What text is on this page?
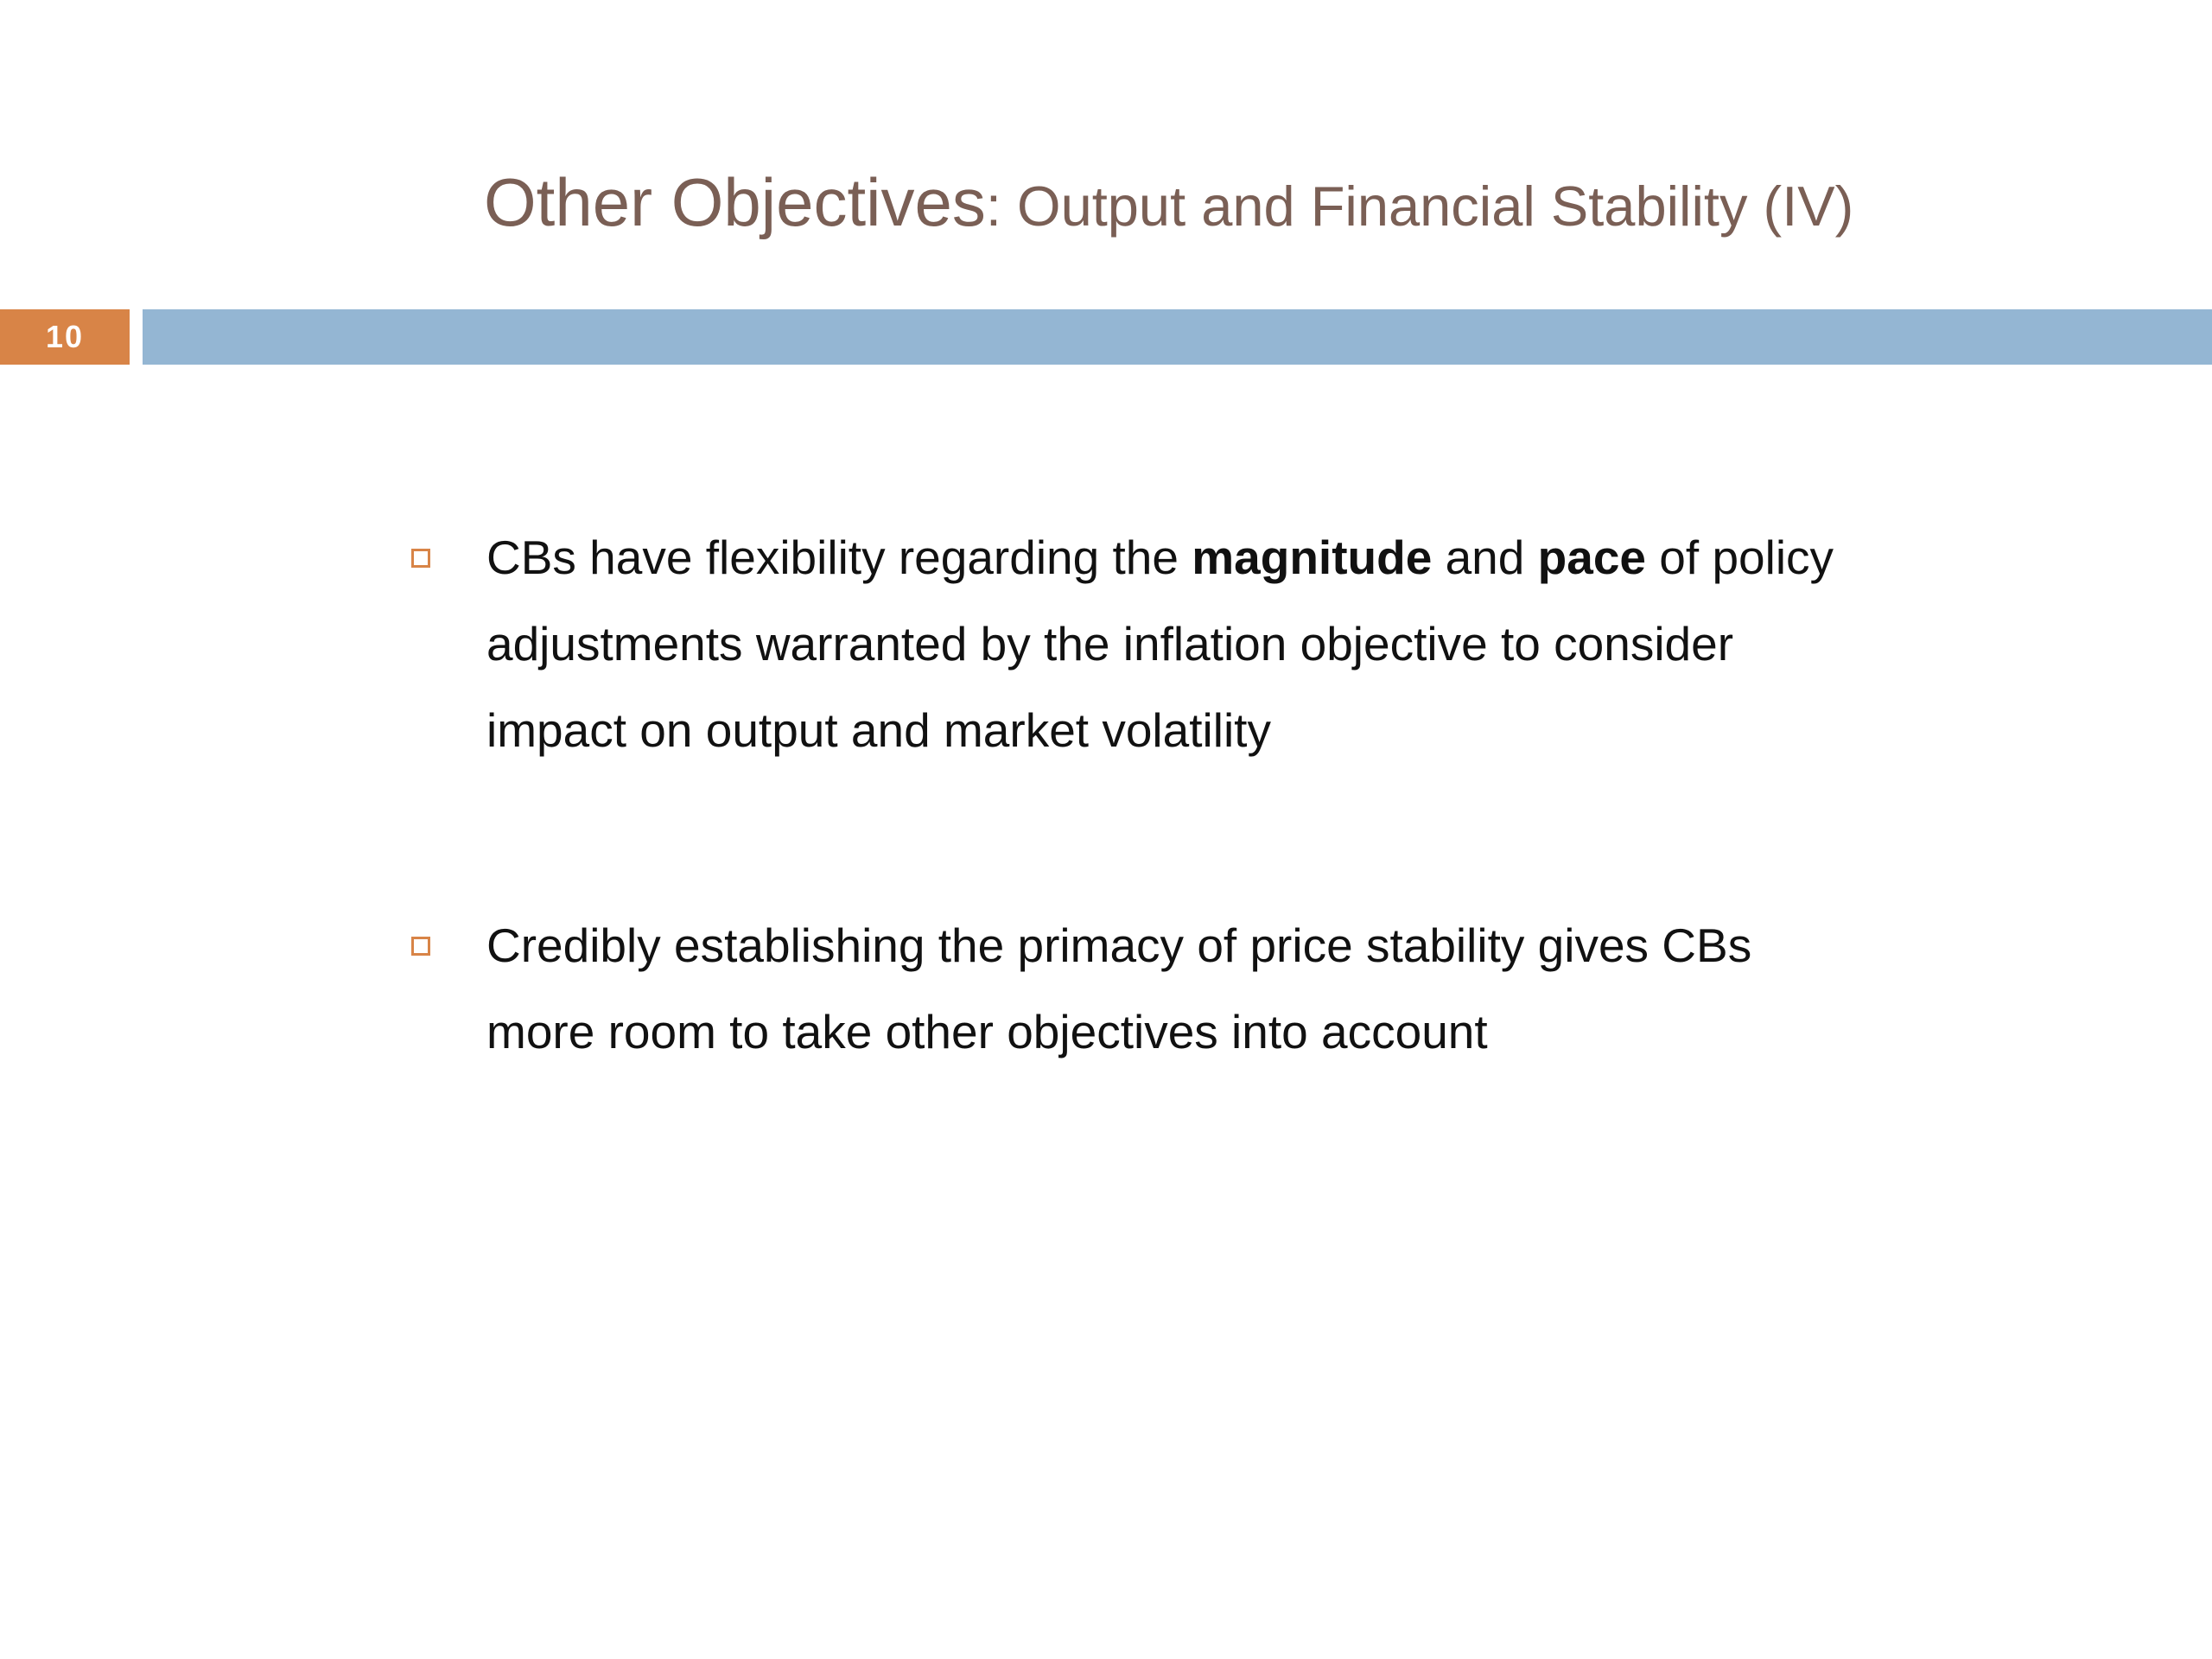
Other Objectives: Output and Financial Stability (IV)
10
CBs have flexibility regarding the magnitude and pace of policy adjustments warranted by the inflation objective to consider impact on output and market volatility
Credibly establishing the primacy of price stability gives CBs more room to take other objectives into account
